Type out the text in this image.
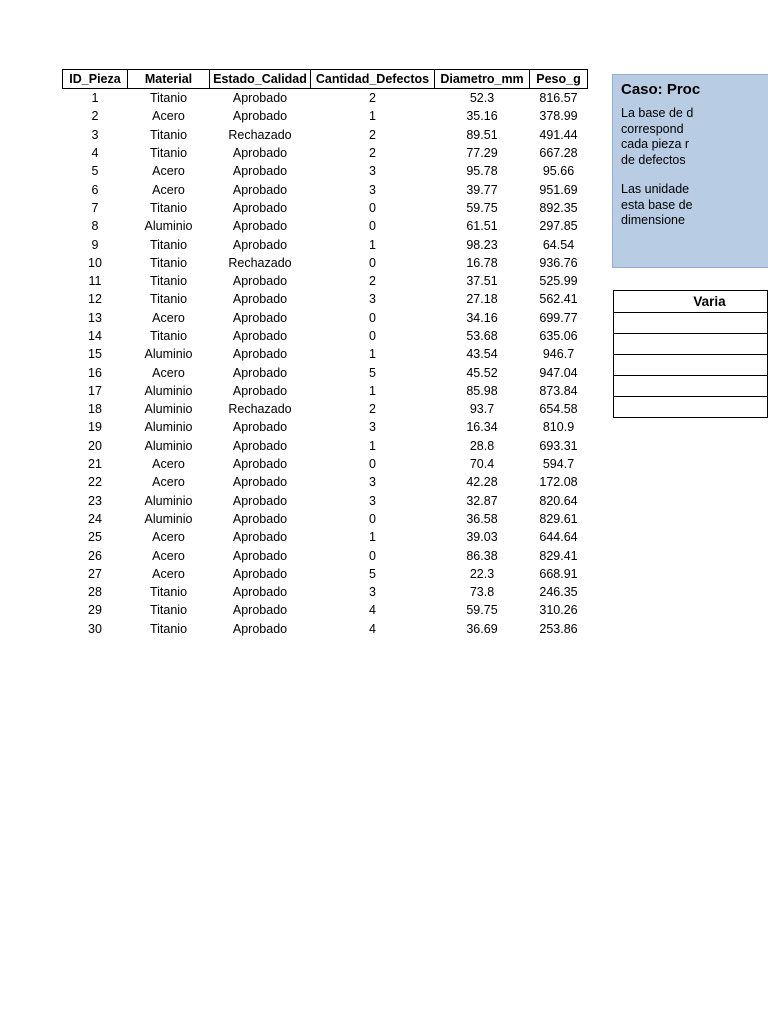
ID_Pieza	Material	Estado_Calidad	Cantidad_Defectos	Diametro_mm	Peso_g
1	Titanio	Aprobado	2	52.3	816.57
2	Acero	Aprobado	1	35.16	378.99
3	Titanio	Rechazado	2	89.51	491.44
4	Titanio	Aprobado	2	77.29	667.28
5	Acero	Aprobado	3	95.78	95.66
6	Acero	Aprobado	3	39.77	951.69
7	Titanio	Aprobado	0	59.75	892.35
8	Aluminio	Aprobado	0	61.51	297.85
9	Titanio	Aprobado	1	98.23	64.54
10	Titanio	Rechazado	0	16.78	936.76
11	Titanio	Aprobado	2	37.51	525.99
12	Titanio	Aprobado	3	27.18	562.41
13	Acero	Aprobado	0	34.16	699.77
14	Titanio	Aprobado	0	53.68	635.06
15	Aluminio	Aprobado	1	43.54	946.7
16	Acero	Aprobado	5	45.52	947.04
17	Aluminio	Aprobado	1	85.98	873.84
18	Aluminio	Rechazado	2	93.7	654.58
19	Aluminio	Aprobado	3	16.34	810.9
20	Aluminio	Aprobado	1	28.8	693.31
21	Acero	Aprobado	0	70.4	594.7
22	Acero	Aprobado	3	42.28	172.08
23	Aluminio	Aprobado	3	32.87	820.64
24	Aluminio	Aprobado	0	36.58	829.61
25	Acero	Aprobado	1	39.03	644.64
26	Acero	Aprobado	0	86.38	829.41
27	Acero	Aprobado	5	22.3	668.91
28	Titanio	Aprobado	3	73.8	246.35
29	Titanio	Aprobado	4	59.75	310.26
30	Titanio	Aprobado	4	36.69	253.86
Caso: Proc

La base de d
correspond
cada pieza r
de defectos

Las unidade
esta base de
dimensione

Varia
